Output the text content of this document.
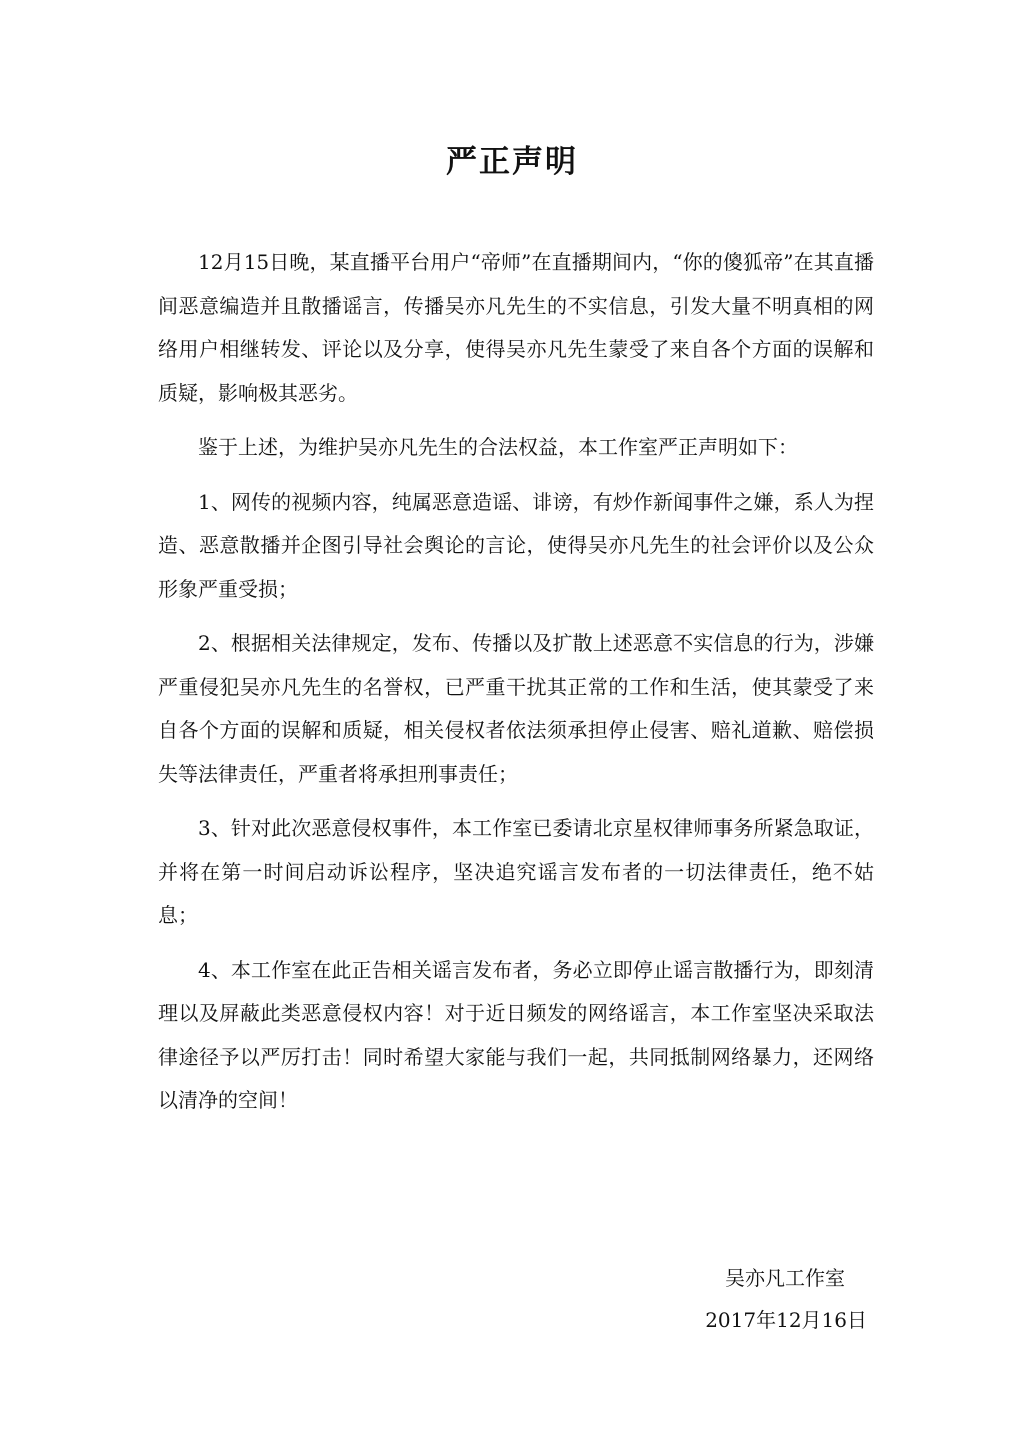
严正声明

12月15日晚，某直播平台用户“帝师”在直播期间内，“你的傻狐帝”在其直播间恶意编造并且散播谣言，传播吴亦凡先生的不实信息，引发大量不明真相的网络用户相继转发、评论以及分享，使得吴亦凡先生蒙受了来自各个方面的误解和质疑，影响极其恶劣。

鉴于上述，为维护吴亦凡先生的合法权益，本工作室严正声明如下：

1、网传的视频内容，纯属恶意造谣、诽谤，有炒作新闻事件之嫌，系人为捏造、恶意散播并企图引导社会舆论的言论，使得吴亦凡先生的社会评价以及公众形象严重受损；

2、根据相关法律规定，发布、传播以及扩散上述恶意不实信息的行为，涉嫌严重侵犯吴亦凡先生的名誉权，已严重干扰其正常的工作和生活，使其蒙受了来自各个方面的误解和质疑，相关侵权者依法须承担停止侵害、赔礼道歉、赔偿损失等法律责任，严重者将承担刑事责任；

3、针对此次恶意侵权事件，本工作室已委请北京星权律师事务所紧急取证，并将在第一时间启动诉讼程序，坚决追究谣言发布者的一切法律责任，绝不姑息；

4、本工作室在此正告相关谣言发布者，务必立即停止谣言散播行为，即刻清理以及屏蔽此类恶意侵权内容！对于近日频发的网络谣言，本工作室坚决采取法律途径予以严厉打击！同时希望大家能与我们一起，共同抵制网络暴力，还网络以清净的空间！

吴亦凡工作室
2017年12月16日
